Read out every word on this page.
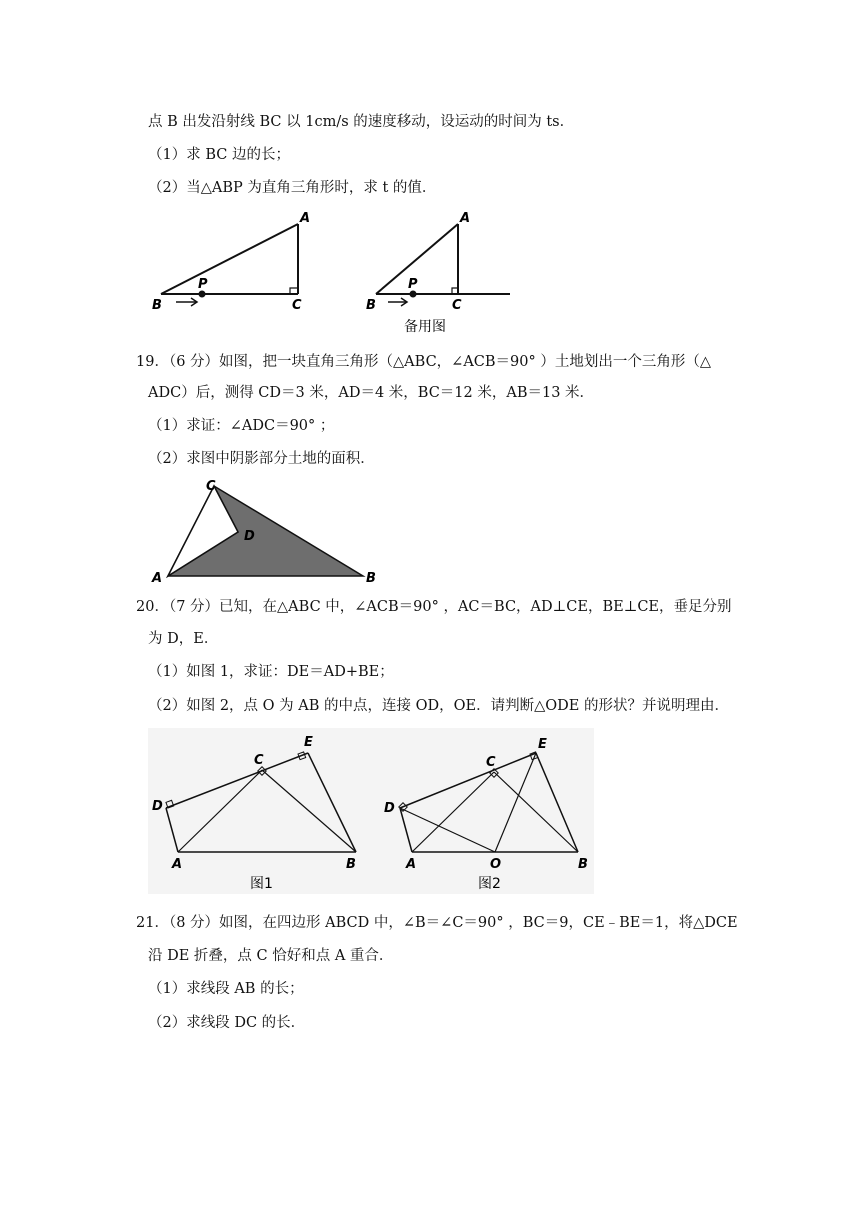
点 B 出发沿射线 BC 以 1cm/s 的速度移动，设运动的时间为 ts．
（1）求 BC 边的长；
（2）当△ABP 为直角三角形时，求 t 的值．
A
B	C
P
A
B	C
P
备用图
19．（6 分）如图，把一块直角三角形（△ABC，∠ACB＝90° ）土地划出一个三角形（△
ADC）后，测得 CD＝3 米，AD＝4 米，BC＝12 米，AB＝13 米．
（1）求证：∠ADC＝90° ；
（2）求图中阴影部分土地的面积．
C
D
A	B
20．（7 分）已知，在△ABC 中，∠ACB＝90° ，AC＝BC，AD⊥CE，BE⊥CE，垂足分别
为 D，E．
（1）如图 1，求证：DE＝AD+BE；
（2）如图 2，点 O 为 AB 的中点，连接 OD，OE．请判断△ODE 的形状？并说明理由．
D
C
E
A	B
图1
D
C
E
A	O	B
图2
21．（8 分）如图，在四边形 ABCD 中，∠B＝∠C＝90° ，BC＝9，CE﹣BE＝1，将△DCE
沿 DE 折叠，点 C 恰好和点 A 重合．
（1）求线段 AB 的长；
（2）求线段 DC 的长．
